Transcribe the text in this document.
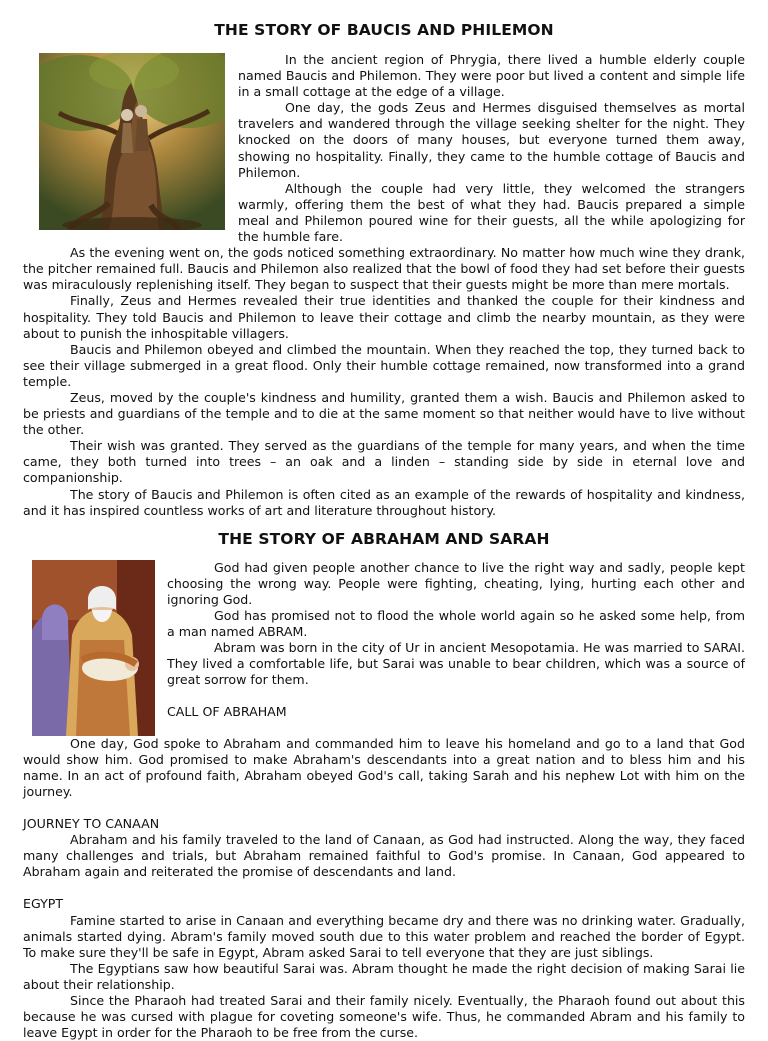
THE STORY OF BAUCIS AND PHILEMON

In the ancient region of Phrygia, there lived a humble elderly couple named Baucis and Philemon. They were poor but lived a content and simple life in a small cottage at the edge of a village.

One day, the gods Zeus and Hermes disguised themselves as mortal travelers and wandered through the village seeking shelter for the night. They knocked on the doors of many houses, but everyone turned them away, showing no hospitality. Finally, they came to the humble cottage of Baucis and Philemon.

Although the couple had very little, they welcomed the strangers warmly, offering them the best of what they had. Baucis prepared a simple meal and Philemon poured wine for their guests, all the while apologizing for the humble fare.

As the evening went on, the gods noticed something extraordinary. No matter how much wine they drank, the pitcher remained full. Baucis and Philemon also realized that the bowl of food they had set before their guests was miraculously replenishing itself. They began to suspect that their guests might be more than mere mortals.

Finally, Zeus and Hermes revealed their true identities and thanked the couple for their kindness and hospitality. They told Baucis and Philemon to leave their cottage and climb the nearby mountain, as they were about to punish the inhospitable villagers.

Baucis and Philemon obeyed and climbed the mountain. When they reached the top, they turned back to see their village submerged in a great flood. Only their humble cottage remained, now transformed into a grand temple.

Zeus, moved by the couple's kindness and humility, granted them a wish. Baucis and Philemon asked to be priests and guardians of the temple and to die at the same moment so that neither would have to live without the other.

Their wish was granted. They served as the guardians of the temple for many years, and when the time came, they both turned into trees – an oak and a linden – standing side by side in eternal love and companionship.

The story of Baucis and Philemon is often cited as an example of the rewards of hospitality and kindness, and it has inspired countless works of art and literature throughout history.

THE STORY OF ABRAHAM AND SARAH

God had given people another chance to live the right way and sadly, people kept choosing the wrong way. People were fighting, cheating, lying, hurting each other and ignoring God.

God has promised not to flood the whole world again so he asked some help, from a man named ABRAM.

Abram was born in the city of Ur in ancient Mesopotamia. He was married to SARAI. They lived a comfortable life, but Sarai was unable to bear children, which was a source of great sorrow for them.

CALL OF ABRAHAM

One day, God spoke to Abraham and commanded him to leave his homeland and go to a land that God would show him. God promised to make Abraham's descendants into a great nation and to bless him and his name. In an act of profound faith, Abraham obeyed God's call, taking Sarah and his nephew Lot with him on the journey.

JOURNEY TO CANAAN

Abraham and his family traveled to the land of Canaan, as God had instructed. Along the way, they faced many challenges and trials, but Abraham remained faithful to God's promise. In Canaan, God appeared to Abraham again and reiterated the promise of descendants and land.

EGYPT

Famine started to arise in Canaan and everything became dry and there was no drinking water. Gradually, animals started dying. Abram's family moved south due to this water problem and reached the border of Egypt. To make sure they'll be safe in Egypt, Abram asked Sarai to tell everyone that they are just siblings.

The Egyptians saw how beautiful Sarai was. Abram thought he made the right decision of making Sarai lie about their relationship.

Since the Pharaoh had treated Sarai and their family nicely. Eventually, the Pharaoh found out about this because he was cursed with plague for coveting someone's wife. Thus, he commanded Abram and his family to leave Egypt in order for the Pharaoh to be free from the curse.
